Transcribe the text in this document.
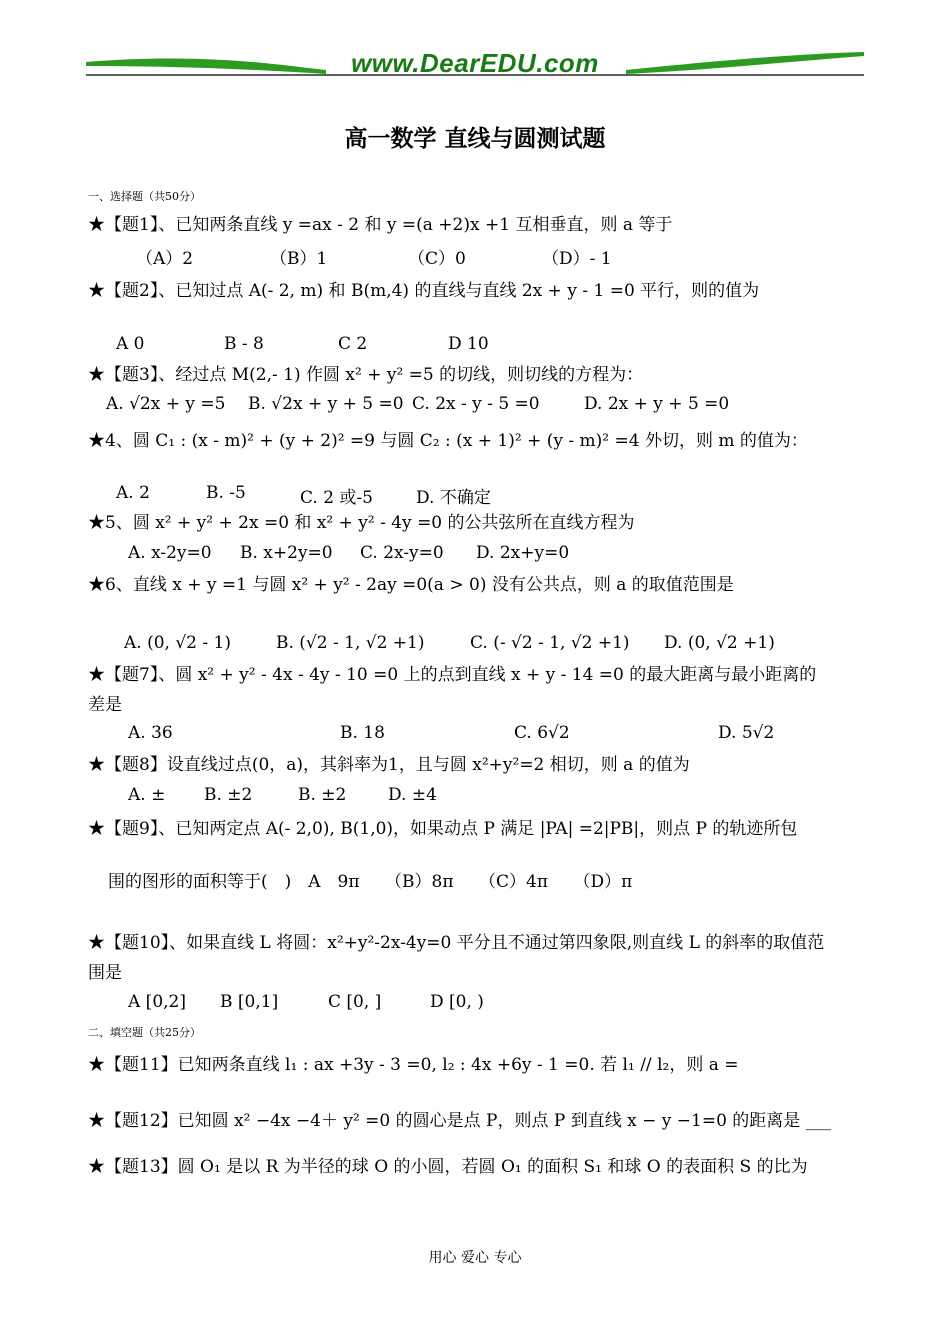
www.DearEDU.com
高一数学 直线与圆测试题
一、选择题（共50分）
★【题1】、已知两条直线 y =ax - 2 和 y =(a +2)x +1 互相垂直，则 a 等于
（A）2	（B）1	（C）0	（D）- 1
★【题2】、已知过点 A(- 2, m) 和 B(m,4) 的直线与直线 2x + y - 1 =0 平行，则的值为
A 0	B - 8	C 2	D 10
★【题3】、经过点 M(2,- 1) 作圆 x² + y² =5 的切线，则切线的方程为：
A. √2x + y =5 B. √2x + y + 5 =0 C. 2x - y - 5 =0	D. 2x + y + 5 =0
★4、圆 C₁ : (x - m)² + (y + 2)² =9 与圆 C₂ : (x + 1)² + (y - m)² =4 外切，则 m 的值为：
A. 2	B. -5	C. 2 或-5	D. 不确定
★5、圆 x² + y² + 2x =0 和 x² + y² - 4y =0 的公共弦所在直线方程为
A. x-2y=0 B. x+2y=0 C. 2x-y=0 D. 2x+y=0
★6、直线 x + y =1 与圆 x² + y² - 2ay =0(a > 0) 没有公共点，则 a 的取值范围是
A. (0, √2 - 1)	B. (√2 - 1, √2 +1)	C. (- √2 - 1, √2 +1) D. (0, √2 +1)
★【题7】、圆 x² + y² - 4x - 4y - 10 =0 上的点到直线 x + y - 14 =0 的最大距离与最小距离的
差是
A. 36	B. 18	C. 6√2	D. 5√2
★【题8】设直线过点(0，a)，其斜率为1，且与圆 x²+y²=2 相切，则 a 的值为
A. ± B. ±2	B. ±2 D. ±4
★【题9】、已知两定点 A(- 2,0), B(1,0)，如果动点 P 满足 |PA| =2|PB|，则点 P 的轨迹所包
围的图形的面积等于(　)　A　9π　　（B）8π　　（C）4π　　（D）π
★【题10】、如果直线 L 将圆：x²+y²-2x-4y=0 平分且不通过第四象限,则直线 L 的斜率的取值范
围是
A [0,2] B [0,1]	C [0, ]	D [0, )
二、填空题（共25分）
★【题11】已知两条直线 l₁ : ax +3y - 3 =0, l₂ : 4x +6y - 1 =0. 若 l₁ // l₂，则 a =
★【题12】已知圆 x² −4x −4＋ y² =0 的圆心是点 P，则点 P 到直线 x − y −1=0 的距离是 ___
★【题13】圆 O₁ 是以 R 为半径的球 O 的小圆，若圆 O₁ 的面积 S₁ 和球 O 的表面积 S 的比为
用心 爱心 专心
